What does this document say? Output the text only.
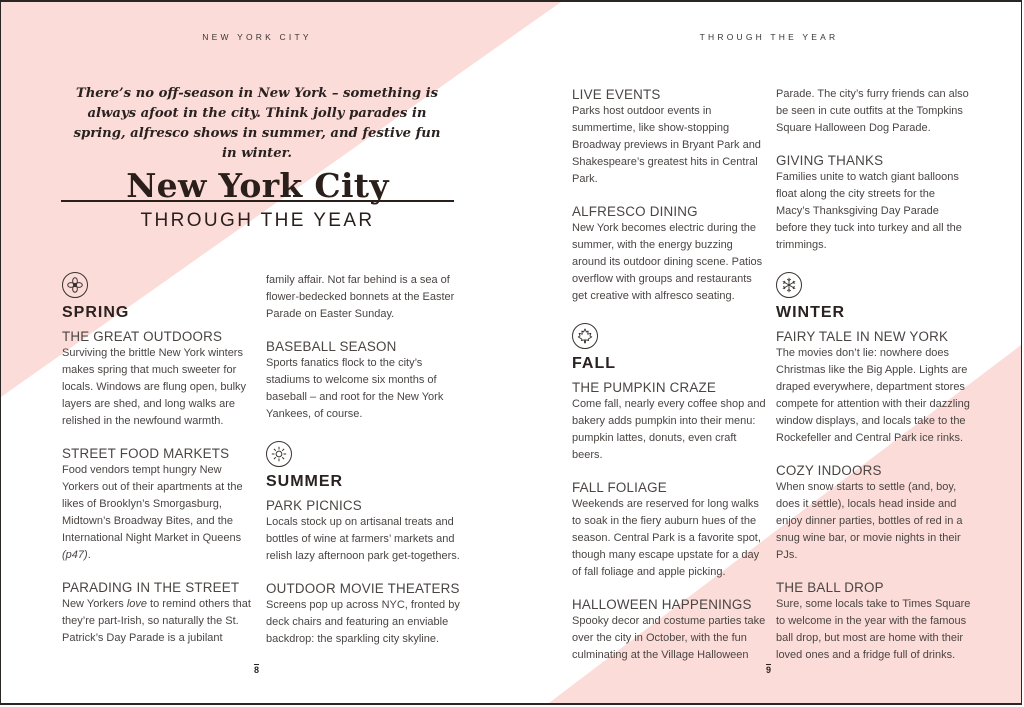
NEW YORK CITY
There’s no off-season in New York – something is always afoot in the city. Think jolly parades in spring, alfresco shows in summer, and festive fun in winter.
New York City
THROUGH THE YEAR
SPRING
THE GREAT OUTDOORS
Surviving the brittle New York winters makes spring that much sweeter for locals. Windows are flung open, bulky layers are shed, and long walks are relished in the newfound warmth.
STREET FOOD MARKETS
Food vendors tempt hungry New Yorkers out of their apartments at the likes of Brooklyn’s Smorgasburg, Midtown’s Broadway Bites, and the International Night Market in Queens (p47).
PARADING IN THE STREET
New Yorkers love to remind others that they’re part-Irish, so naturally the St. Patrick’s Day Parade is a jubilant
family affair. Not far behind is a sea of flower-bedecked bonnets at the Easter Parade on Easter Sunday.
BASEBALL SEASON
Sports fanatics flock to the city’s stadiums to welcome six months of baseball – and root for the New York Yankees, of course.
SUMMER
PARK PICNICS
Locals stock up on artisanal treats and bottles of wine at farmers’ markets and relish lazy afternoon park get-togethers.
OUTDOOR MOVIE THEATERS
Screens pop up across NYC, fronted by deck chairs and featuring an enviable backdrop: the sparkling city skyline.
8
THROUGH THE YEAR
LIVE EVENTS
Parks host outdoor events in summertime, like show-stopping Broadway previews in Bryant Park and Shakespeare’s greatest hits in Central Park.
ALFRESCO DINING
New York becomes electric during the summer, with the energy buzzing around its outdoor dining scene. Patios overflow with groups and restaurants get creative with alfresco seating.
FALL
THE PUMPKIN CRAZE
Come fall, nearly every coffee shop and bakery adds pumpkin into their menu: pumpkin lattes, donuts, even craft beers.
FALL FOLIAGE
Weekends are reserved for long walks to soak in the fiery auburn hues of the season. Central Park is a favorite spot, though many escape upstate for a day of fall foliage and apple picking.
HALLOWEEN HAPPENINGS
Spooky decor and costume parties take over the city in October, with the fun culminating at the Village Halloween
Parade. The city’s furry friends can also be seen in cute outfits at the Tompkins Square Halloween Dog Parade.
GIVING THANKS
Families unite to watch giant balloons float along the city streets for the Macy’s Thanksgiving Day Parade before they tuck into turkey and all the trimmings.
WINTER
FAIRY TALE IN NEW YORK
The movies don’t lie: nowhere does Christmas like the Big Apple. Lights are draped everywhere, department stores compete for attention with their dazzling window displays, and locals take to the Rockefeller and Central Park ice rinks.
COZY INDOORS
When snow starts to settle (and, boy, does it settle), locals head inside and enjoy dinner parties, bottles of red in a snug wine bar, or movie nights in their PJs.
THE BALL DROP
Sure, some locals take to Times Square to welcome in the year with the famous ball drop, but most are home with their loved ones and a fridge full of drinks.
9
